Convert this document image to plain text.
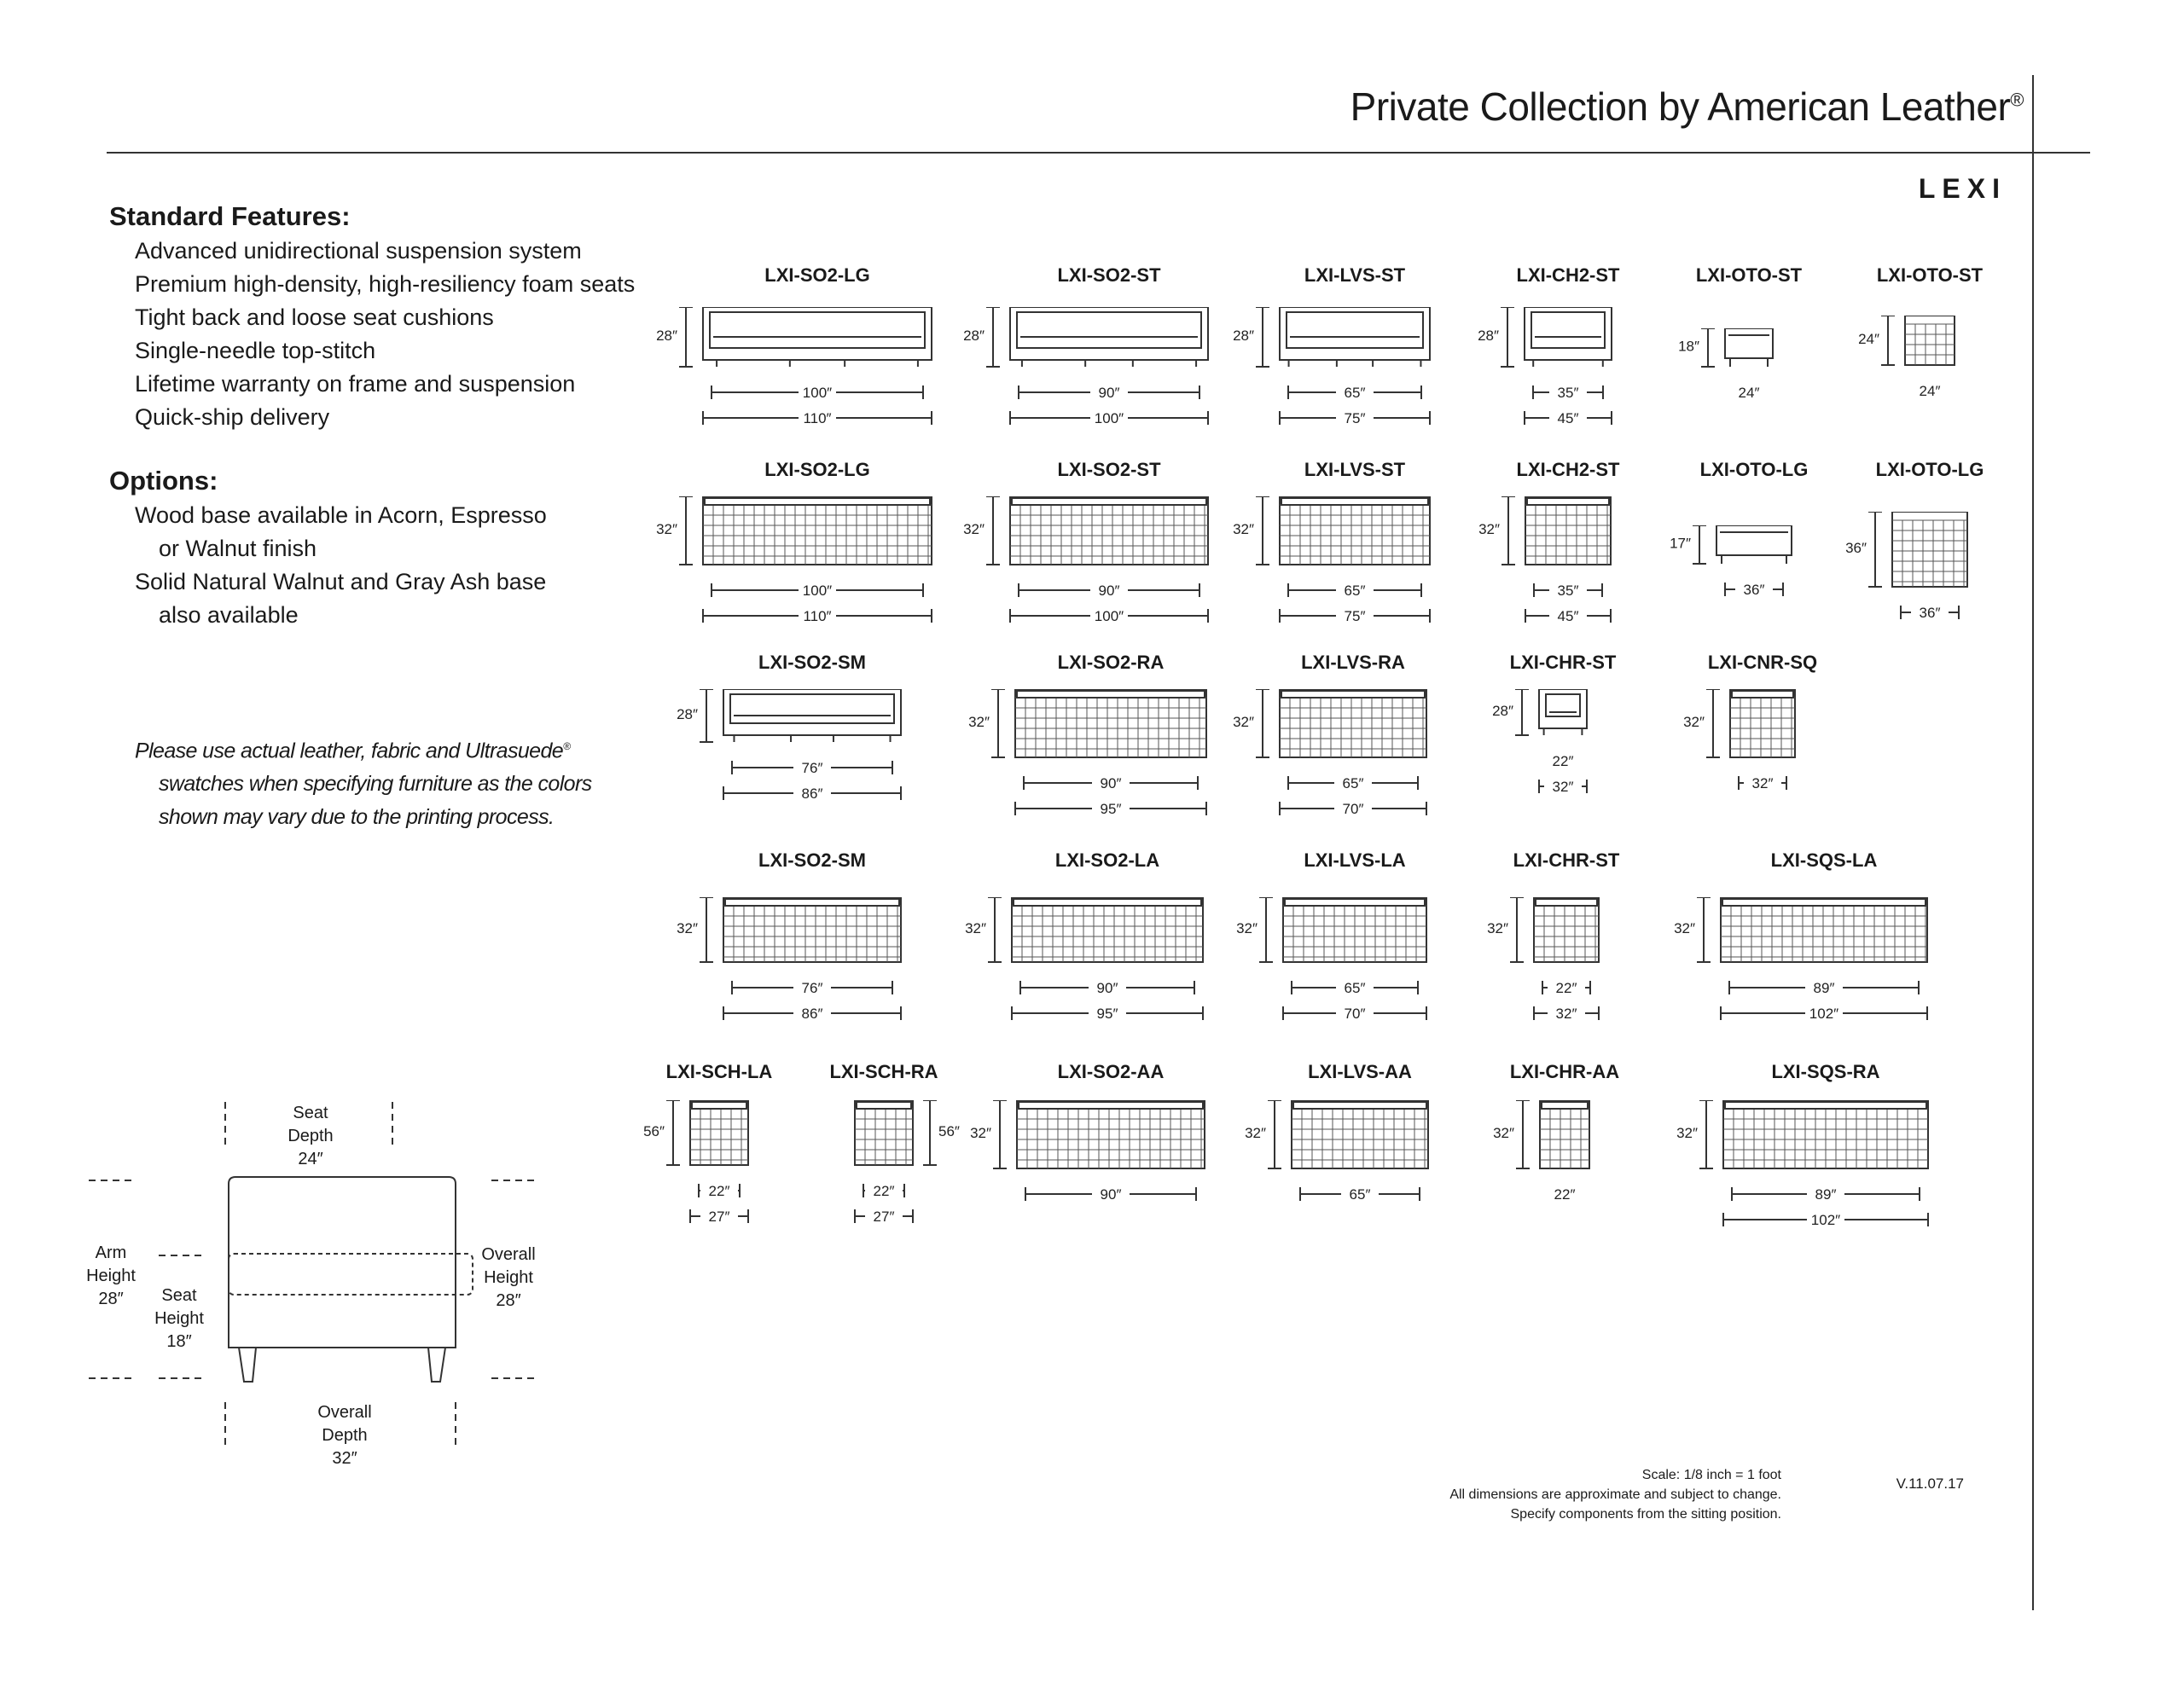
Private Collection by American Leather®
LEXI
Standard Features:
Advanced unidirectional suspension system
Premium high-density, high-resiliency foam seats
Tight back and loose seat cushions
Single-needle top-stitch
Lifetime warranty on frame and suspension
Quick-ship delivery
Options:
Wood base available in Acorn, Espresso
or Walnut finish
Solid Natural Walnut and Gray Ash base
also available
Please use actual leather, fabric and Ultrasuede®
swatches when specifying furniture as the colors
shown may vary due to the printing process.
LXI-SO2-LG
28″
100″
110″
LXI-SO2-ST
28″
90″
100″
LXI-LVS-ST
28″
65″
75″
LXI-CH2-ST
28″
35″
45″
LXI-OTO-ST
18″
24″
LXI-OTO-ST
24″
24″
LXI-SO2-LG
32″
100″
110″
LXI-SO2-ST
32″
90″
100″
LXI-LVS-ST
32″
65″
75″
LXI-CH2-ST
32″
35″
45″
LXI-OTO-LG
17″
36″
LXI-OTO-LG
36″
36″
LXI-SO2-SM
28″
76″
86″
LXI-SO2-RA
32″
90″
95″
LXI-LVS-RA
32″
65″
70″
LXI-CHR-ST
28″
22″
32″
LXI-CNR-SQ
32″
32″
LXI-SO2-SM
32″
76″
86″
LXI-SO2-LA
32″
90″
95″
LXI-LVS-LA
32″
65″
70″
LXI-CHR-ST
32″
22″
32″
LXI-SQS-LA
32″
89″
102″
LXI-SCH-LA
56″
22″
27″
LXI-SCH-RA
56″
22″
27″
LXI-SO2-AA
32″
90″
LXI-LVS-AA
32″
65″
LXI-CHR-AA
32″
22″
LXI-SQS-RA
32″
89″
102″
Seat
Depth
24″
Arm
Height
28″	Seat
Height
18″
Overall
Height
28″
Overall
Depth
32″
Scale: 1/8 inch = 1 foot
All dimensions are approximate and subject to change.
Specify components from the sitting position.
V.11.07.17
